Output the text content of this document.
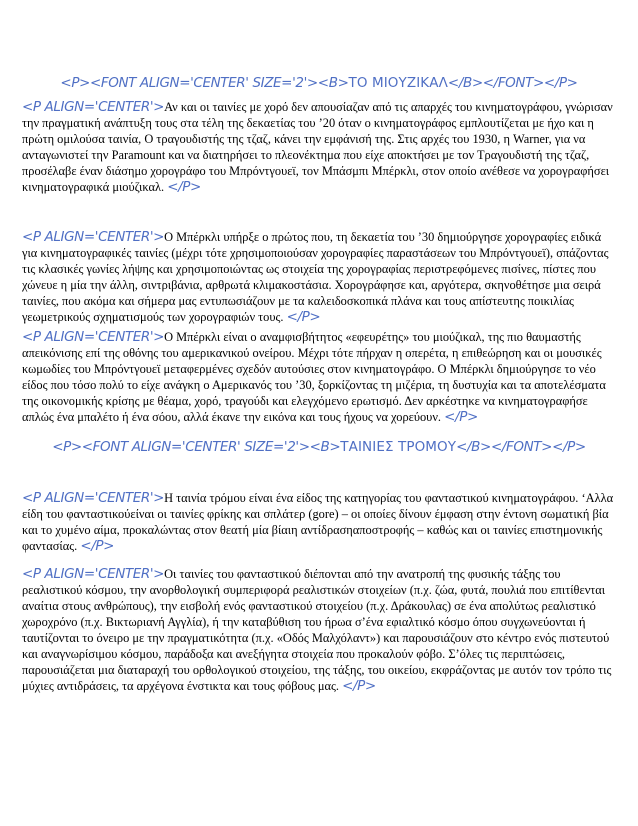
<P><FONT ALIGN='CENTER' SIZE='2'><B>ΤΟ ΜΙΟΥΖΙΚΑΛ</B></FONT></P>
<P ALIGN='CENTER'>Αν και οι ταινίες με χορό δεν απουσίαζαν από τις απαρχές του κινηματογράφου, γνώρισαν την πραγματική ανάπτυξη τους στα τέλη της δεκαετίας του ’20 όταν ο κινηματογράφος εμπλουτίζεται με ήχο και η πρώτη ομιλούσα ταινία, Ο τραγουδιστής της τζαζ, κάνει την εμφάνισή της. Στις αρχές του 1930, η Warner, για να ανταγωνιστεί την Paramount και να διατηρήσει το πλεονέκτημα που είχε αποκτήσει με τον Τραγουδιστή της τζαζ, προσέλαβε έναν διάσημο χορογράφο του Μπρόντγουεϊ, τον Μπάσμπι Μπέρκλι, στον οποίο ανέθεσε να χορογραφήσει κινηματογραφικά μιούζικαλ. </P>
<P ALIGN='CENTER'>Ο Μπέρκλι υπήρξε ο πρώτος που, τη δεκαετία του ’30 δημιούργησε χορογραφίες ειδικά για κινηματογραφικές ταινίες (μέχρι τότε χρησιμοποιούσαν χορογραφίες παραστάσεων του Μπρόντγουεϊ), σπάζοντας τις κλασικές γωνίες λήψης και χρησιμοποιώντας ως στοιχεία της χορογραφίας περιστρεφόμενες πισίνες, πίστες που χώνευε η μία την άλλη, σιντριβάνια, αρθρωτά κλιμακοστάσια. Χορογράφησε και, αργότερα, σκηνοθέτησε μια σειρά ταινίες, που ακόμα και σήμερα μας εντυπωσιάζουν με τα καλειδοσκοπικά πλάνα και τους απίστευτης ποικιλίας γεωμετρικούς σχηματισμούς των χορογραφιών τους. </P>
<P ALIGN='CENTER'>Ο Μπέρκλι είναι ο αναμφισβήτητος «εφευρέτης» του μιούζικαλ, της πιο θαυμαστής απεικόνισης επί της οθόνης του αμερικανικού ονείρου. Μέχρι τότε πήρχαν η οπερέτα, η επιθεώρηση και οι μουσικές κωμωδίες του Μπρόντγουεϊ μεταφερμένες σχεδόν αυτούσιες στον κινηματογράφο. Ο Μπέρκλι δημιούργησε το νέο είδος που τόσο πολύ το είχε ανάγκη ο Αμερικανός του ’30, ξορκίζοντας τη μιζέρια, τη δυστυχία και τα αποτελέσματα της οικονομικής κρίσης με θέαμα, χορό, τραγούδι και ελεγχόμενο ερωτισμό. Δεν αρκέστηκε να κινηματογραφήσε απλώς ένα μπαλέτο ή ένα σόου, αλλά έκανε την εικόνα και τους ήχους να χορεύουν. </P>
<P><FONT ALIGN='CENTER' SIZE='2'><B>ΤΑΙΝΙΕΣ ΤΡΟΜΟΥ</B></FONT></P>
<P ALIGN='CENTER'>Η ταινία τρόμου είναι ένα είδος της κατηγορίας του φανταστικού κινηματογράφου. ‘Αλλα είδη του φανταστικούείναι οι ταινίες φρίκης και σπλάτερ (gore) – οι οποίες δίνουν έμφαση στην έντονη σωματική βία και το χυμένο αίμα, προκαλώντας στον θεατή μία βίαιη αντίδρασηαποστροφής – καθώς και οι ταινίες επιστημονικής φαντασίας. </P>
<P ALIGN='CENTER'>Οι ταινίες του φανταστικού διέπονται από την ανατροπή της φυσικής τάξης του ρεαλιστικού κόσμου, την ανορθολογική συμπεριφορά ρεαλιστικών στοιχείων (π.χ. ζώα, φυτά, πουλιά που επιτίθενται αναίτια στους ανθρώπους), την εισβολή ενός φανταστικού στοιχείου (π.χ. Δράκουλας) σε ένα απολύτως ρεαλιστικό χωροχρόνο (π.χ. Βικτωριανή Αγγλία), ή την καταβύθιση του ήρωα σ’ένα εφιαλτικό κόσμο όπου συγχωνεύονται ή ταυτίζονται το όνειρο με την πραγματικότητα (π.χ. «Οδός Μαλχόλαντ») και παρουσιάζουν στο κέντρο ενός πιστευτού και αναγνωρίσιμου κόσμου, παράδοξα και ανεξήγητα στοιχεία που προκαλούν φόβο. Σ’όλες τις περιπτώσεις, παρουσιάζεται μια διαταραχή του ορθολογικού στοιχείου, της τάξης, του οικείου, εκφράζοντας με αυτόν τον τρόπο τις μύχιες αντιδράσεις, τα αρχέγονα ένστικτα και τους φόβους μας. </P>
